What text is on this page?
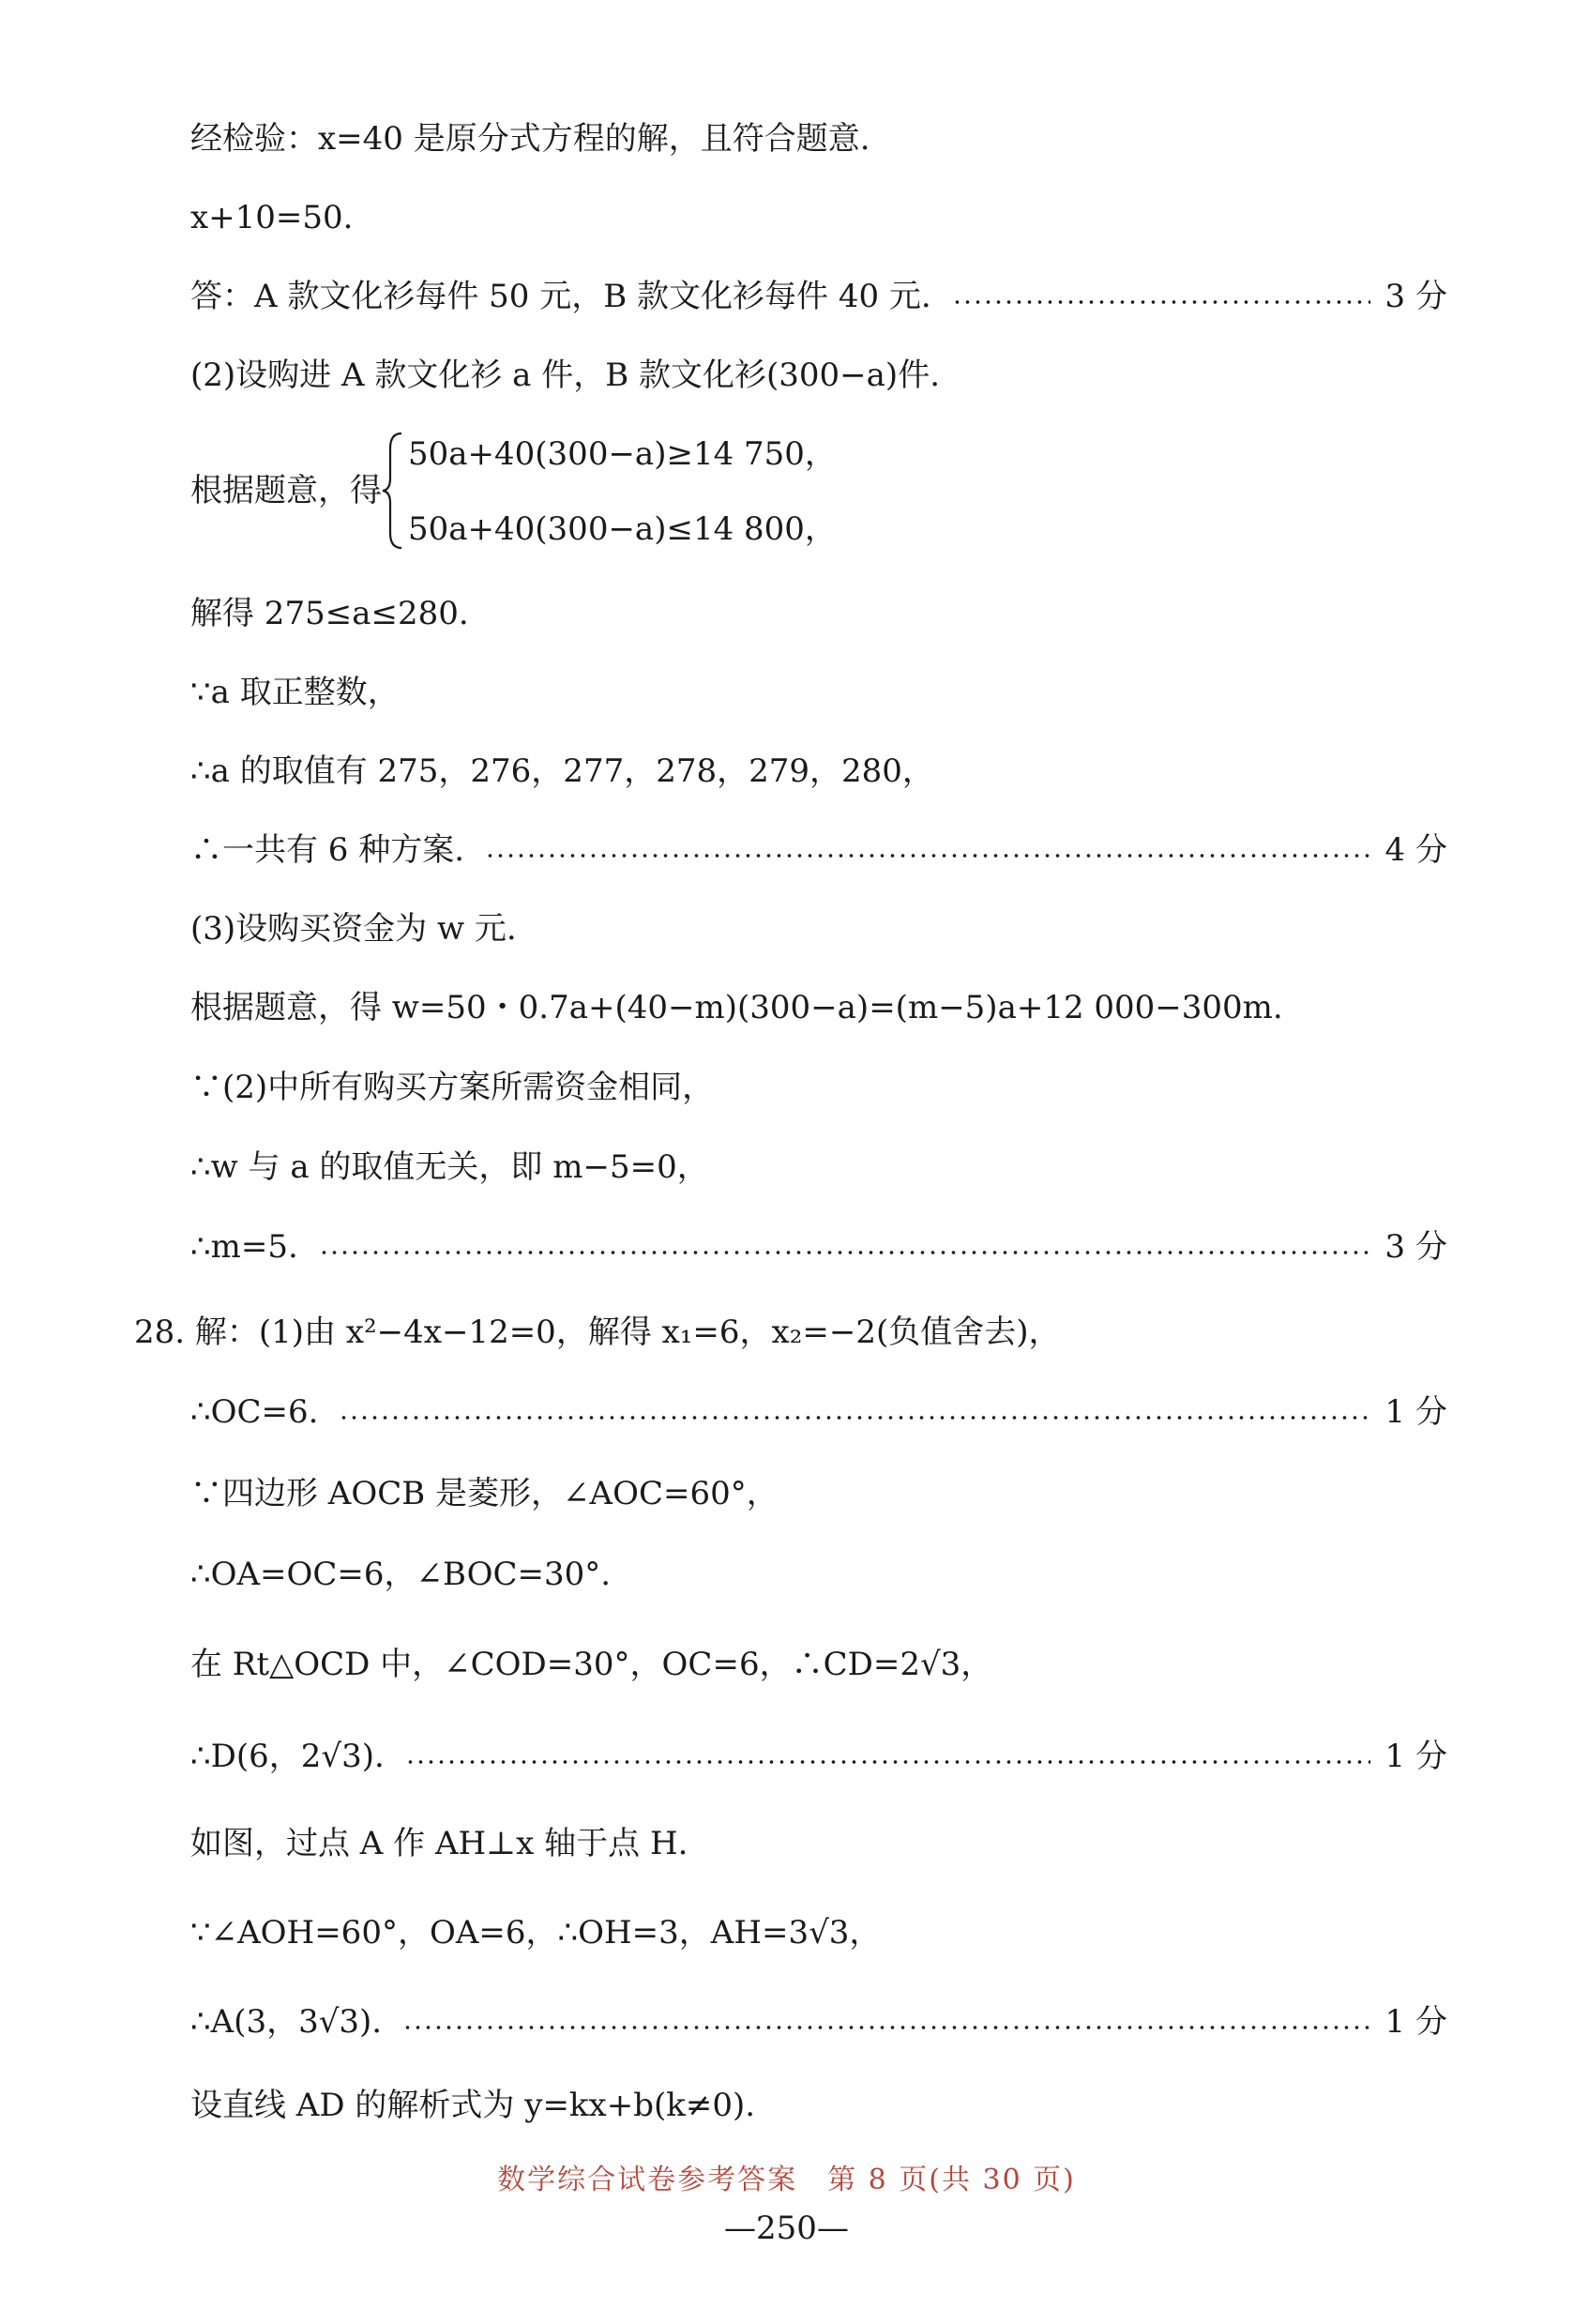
经检验：x=40 是原分式方程的解，且符合题意.
x+10=50.
答：A 款文化衫每件 50 元，B 款文化衫每件 40 元.	3 分
(2)设购进 A 款文化衫 a 件，B 款文化衫(300−a)件.
根据题意，得
50a+40(300−a)≥14 750，
50a+40(300−a)≤14 800，
解得 275≤a≤280.
∵a 取正整数，
∴a 的取值有 275，276，277，278，279，280，
∴一共有 6 种方案.	4 分
(3)设购买资金为 w 元.
根据题意，得 w=50・0.7a+(40−m)(300−a)=(m−5)a+12 000−300m.
∵(2)中所有购买方案所需资金相同，
∴w 与 a 的取值无关，即 m−5=0，
∴m=5.	3 分
28. 解：(1)由 x²−4x−12=0，解得 x₁=6，x₂=−2(负值舍去)，
∴OC=6.	1 分
∵四边形 AOCB 是菱形，∠AOC=60°，
∴OA=OC=6，∠BOC=30°.
在 Rt△OCD 中，∠COD=30°，OC=6，∴CD=2√3，
∴D(6，2√3).	1 分
如图，过点 A 作 AH⊥x 轴于点 H.
∵∠AOH=60°，OA=6，∴OH=3，AH=3√3，
∴A(3，3√3).	1 分
设直线 AD 的解析式为 y=kx+b(k≠0).
数学综合试卷参考答案　第 8 页(共 30 页)
—250—
